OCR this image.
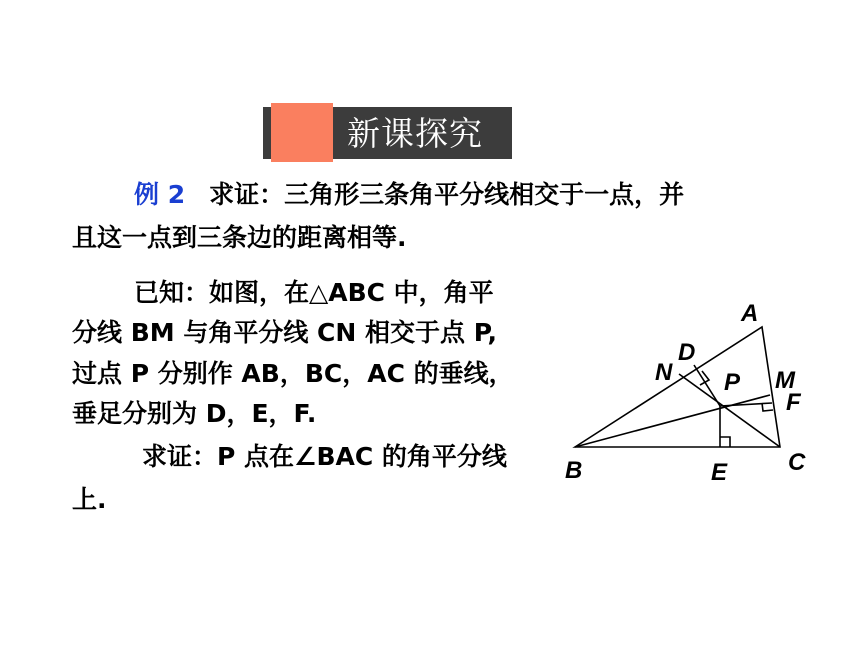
新课探究
例 2 求证：三角形三条角平分线相交于一点，并
且这一点到三条边的距离相等.
已知：如图，在△ABC 中，角平
分线 BM 与角平分线 CN 相交于点 P,
过点 P 分别作 AB，BC，AC 的垂线，
垂足分别为 D，E，F.
求证：P 点在∠BAC 的角平分线
上.
A
B	C
D
E
F
M
N P
